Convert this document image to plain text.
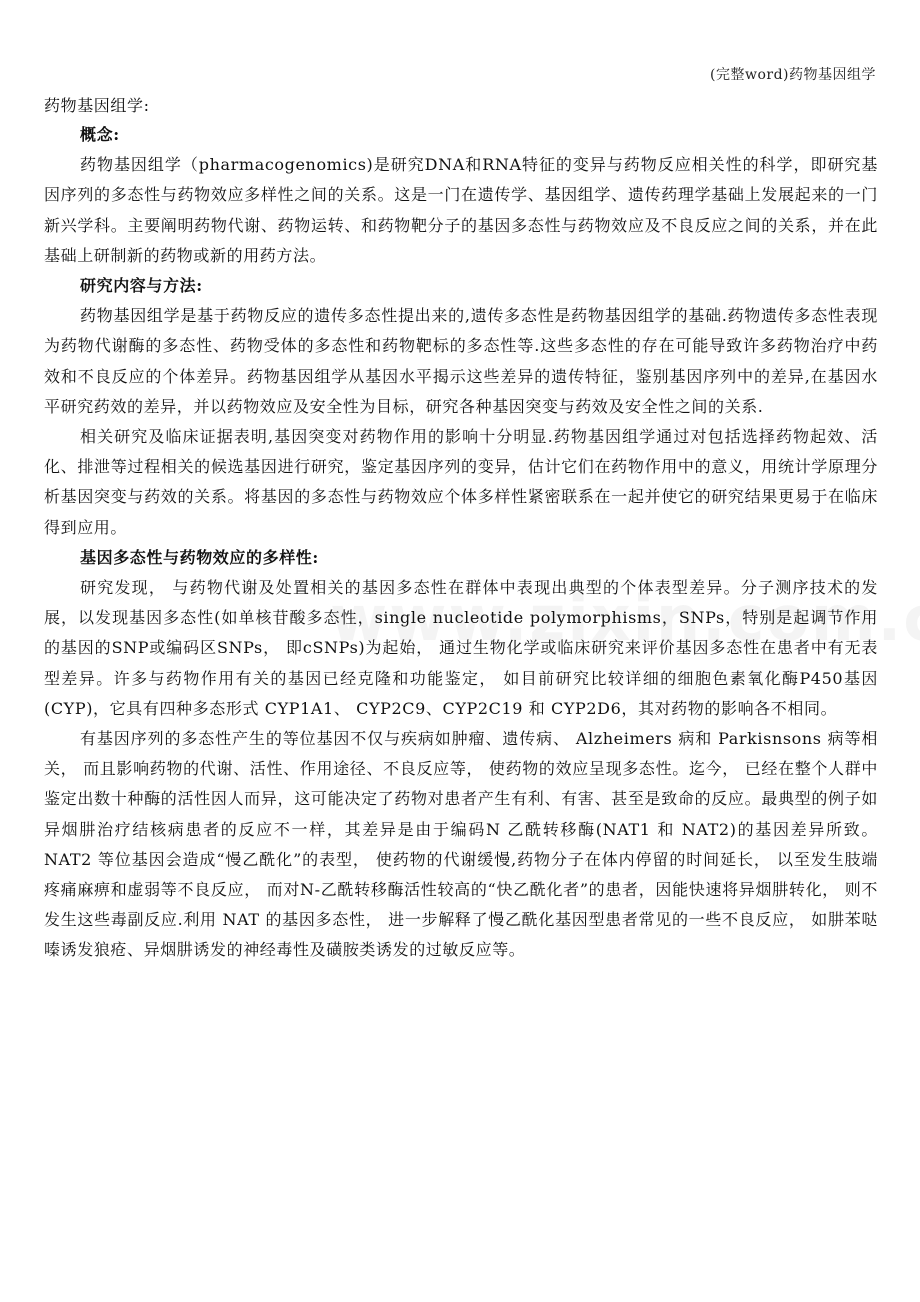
(完整word)药物基因组学

药物基因组学:

概念:

药物基因组学（pharmacogenomics)是研究DNA和RNA特征的变异与药物反应相关性的科学，即研究基因序列的多态性与药物效应多样性之间的关系。这是一门在遗传学、基因组学、遗传药理学基础上发展起来的一门新兴学科。主要阐明药物代谢、药物运转、和药物靶分子的基因多态性与药物效应及不良反应之间的关系，并在此基础上研制新的药物或新的用药方法。

研究内容与方法:

药物基因组学是基于药物反应的遗传多态性提出来的,遗传多态性是药物基因组学的基础.药物遗传多态性表现为药物代谢酶的多态性、药物受体的多态性和药物靶标的多态性等.这些多态性的存在可能导致许多药物治疗中药效和不良反应的个体差异。药物基因组学从基因水平揭示这些差异的遗传特征，鉴别基因序列中的差异,在基因水平研究药效的差异，并以药物效应及安全性为目标，研究各种基因突变与药效及安全性之间的关系.

相关研究及临床证据表明,基因突变对药物作用的影响十分明显.药物基因组学通过对包括选择药物起效、活化、排泄等过程相关的候选基因进行研究，鉴定基因序列的变异，估计它们在药物作用中的意义，用统计学原理分析基因突变与药效的关系。将基因的多态性与药物效应个体多样性紧密联系在一起并使它的研究结果更易于在临床得到应用。

基因多态性与药物效应的多样性:

研究发现， 与药物代谢及处置相关的基因多态性在群体中表现出典型的个体表型差异。分子测序技术的发展，以发现基因多态性(如单核苷酸多态性，single nucleotide polymorphisms，SNPs，特别是起调节作用的基因的SNP或编码区SNPs， 即cSNPs)为起始， 通过生物化学或临床研究来评价基因多态性在患者中有无表型差异。许多与药物作用有关的基因已经克隆和功能鉴定， 如目前研究比较详细的细胞色素氧化酶P450基因(CYP)，它具有四种多态形式 CYP1A1、 CYP2C9、CYP2C19 和 CYP2D6，其对药物的影响各不相同。

有基因序列的多态性产生的等位基因不仅与疾病如肿瘤、遗传病、 Alzheimers 病和 Parkisnsons 病等相关， 而且影响药物的代谢、活性、作用途径、不良反应等， 使药物的效应呈现多态性。迄今， 已经在整个人群中鉴定出数十种酶的活性因人而异，这可能决定了药物对患者产生有利、有害、甚至是致命的反应。最典型的例子如异烟肼治疗结核病患者的反应不一样，其差异是由于编码N 乙酰转移酶(NAT1 和 NAT2)的基因差异所致。 NAT2 等位基因会造成“慢乙酰化”的表型， 使药物的代谢缓慢,药物分子在体内停留的时间延长， 以至发生肢端疼痛麻痹和虚弱等不良反应， 而对N-乙酰转移酶活性较高的“快乙酰化者”的患者，因能快速将异烟肼转化， 则不发生这些毒副反应.利用 NAT 的基因多态性， 进一步解释了慢乙酰化基因型患者常见的一些不良反应， 如肼苯哒嗪诱发狼疮、异烟肼诱发的神经毒性及磺胺类诱发的过敏反应等。
